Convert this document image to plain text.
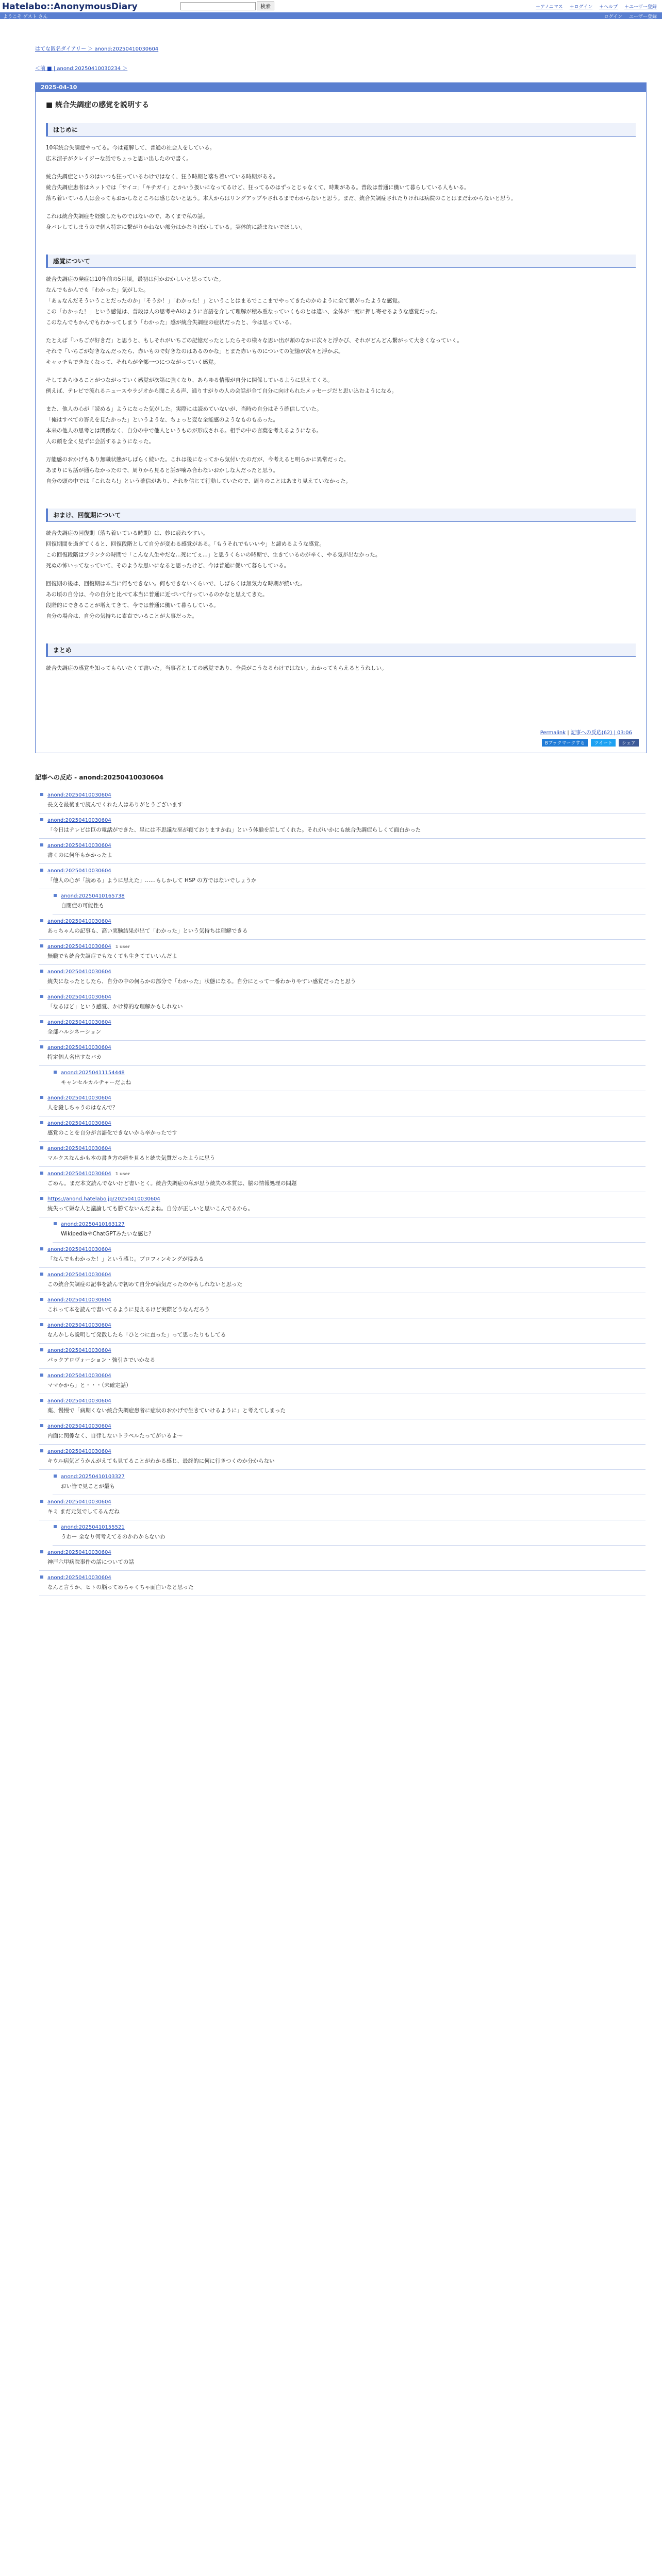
Hatelabo::AnonymousDiary	検索	＋アノニマス ＋ログイン ＋ヘルプ ＋ユーザー登録
ようこそ ゲスト さん	ログイン ユーザー登録
はてな匿名ダイアリー ＞ anond:20250410030604
＜前 ■ | anond:20250410030234 ＞
2025-04-10
■ 統合失調症の感覚を説明する
はじめに

10年統合失調症やってる。今は寛解して、普通の社会人をしている。

広末涼子がクレイジーな話でちょっと思い出したので書く。

統合失調症というのはいつも狂っているわけではなく、狂う時期と落ち着いている時期がある。

統合失調症患者はネットでは「サイコ」「キチガイ」とかいう扱いになってるけど、狂ってるのはずっとじゃなくて、時期がある。普段は普通に働いて暮らしている人もいる。

落ち着いている人は会ってもおかしなところは感じないと思う。本人からはリングアップやされるまでわからないと思う。まだ、統合失調症されたりけれは病院のことはまだわからないと思う。

これは統合失調症を経験したものではないので、あくまで私の話。

身バレしてしまうので個人特定に繋がりかねない部分はかなりぼかしている。実体的に読まないでほしい。

感覚について

統合失調症の発症は10年前の5月頃。最初は何かおかしいと思っていた。

なんでもかんでも「わかった」気がした。

「あぁなんだそういうことだったのか」「そうか！」「わかった！」ということはまるでここまでやってきたのかのように全て繋がったような感覚。

この「わかった！」という感覚は、普段は人の思考やAIのように言語を介して理解が積み重なっていくものとは違い、全体が一度に押し寄せるような感覚だった。

このなんでもかんでもわかってしまう「わかった」感が統合失調症の症状だったと、今は思っている。

たとえば「いちごが好きだ」と思うと、もしそれがいちごの記憶だったとしたらその様々な思い出が頭のなかに次々と浮かび、それがどんどん繋がって大きくなっていく。

それで「いちごが好きなんだったら、赤いもので好きなのはあるのかな」とまた赤いものについての記憶が次々と浮かぶ。

キャッチもできなくなって、それらが全部一つにつながっていく感覚。

そしてあらゆることがつながっていく感覚が次第に強くなり、あらゆる情報が自分に関係しているように思えてくる。

例えば、テレビで流れるニュースやラジオから聞こえる声、通りすがりの人の会話が全て自分に向けられたメッセージだと思い込むようになる。

また、他人の心が「読める」ようになった気がした。実際には読めていないが、当時の自分はそう確信していた。

「俺はすべての答えを見たかった」というような、ちょっと変な全能感のようなものもあった。

本来の他人の思考とは関係なく、自分の中で他人というものが形成される。相手の中の言葉を考えるようになる。

人の顔を全く見ずに会話するようになった。

万能感のおかげもあり無職状態がしばらく続いた。これは後になってから気付いたのだが、今考えると明らかに異常だった。

あまりにも話が通らなかったので、周りから見ると話が噛み合わないおかしな人だったと思う。

自分の頭の中では「これなら!」という確信があり、それを信じて行動していたので、周りのことはあまり見えていなかった。

おまけ、回復期について

統合失調症の回復期（落ち着いている時期）は、妙に疲れやすい。

回復期間を過ぎてくると、回復段階として自分が変わる感覚がある。「もうそれでもいいや」と諦めるような感覚。

この回復段階はブランクの時間で「こんな人生やだな...死にてぇ...」と思うくらいの時期で、生きているのが辛く、やる気が出なかった。

死ぬの怖いってなっていて、そのような思いになると思ったけど、今は普通に働いて暮らしている。

回復期の後は、回復期は本当に何もできない。何もできないくらいで、しばらくは無気力な時期が続いた。

あの頃の自分は、今の自分と比べて本当に普通に近づいて行っているのかなと思えてきた。

段階的にできることが増えてきて、今では普通に働いて暮らしている。

自分の場合は、自分の気持ちに素直でいることが大事だった。

まとめ

統合失調症の感覚を知ってもらいたくて書いた。当事者としての感覚であり、全員がこうなるわけではない。わかってもらえるとうれしい。

Permalink | 記事への反応(62) | 03:06
Bブックマークする ツイート シェア
記事への反応 - anond:20250410030604
anond:20250410030604
長文を最後まで読んでくれた人はありがとうございます
anond:20250410030604
「今日はテレビは巨の電話ができた、星には不思議な巫が寝ておりますかね」という体験を話してくれた。それがいかにも統合失調症らしくて面白かった
anond:20250410030604
書くのに何年もかかったよ
anond:20250410030604
「他人の心が「読める」ように思えた」……もしかして HSP の方ではないでしょうか
anond:20250410165738
自閉症の可能性も
anond:20250410030604
あっちゃんの記事も、高い実験結果が出て「わかった」という気持ちは理解できる
anond:20250410030604 1 user
無職でも統合失調症でもなくても生きてていいんだよ
anond:20250410030604
統失になったとしたら、自分の中の何らかの部分で「わかった」状態になる。自分にとって一番わかりやすい感覚だったと思う
anond:20250410030604
「なるほど」という感覚、かけ算的な理解かもしれない
anond:20250410030604
全部ハルシネーション
anond:20250410030604
特定個人名出すなバカ
anond:20250411154448
キャンセルカルチャーだよね
anond:20250410030604
人を殺しちゃうのはなんで？
anond:20250410030604
感覚のことを自分が言語化できないから辛かったです
anond:20250410030604
マルクスなんかも本の書き方の癖を見ると統失気質だったように思う
anond:20250410030604 1 user
ごめん。まだ本文読んでないけど書いとく。統合失調症の私が思う統失の本質は、脳の情報処理の問題
https://anond.hatelabo.jp/20250410030604
統失って嫌な人と議論しても勝てないんだよね。自分が正しいと思いこんでるから。
anond:20250410163127
WikipediaやChatGPTみたいな感じ？
anond:20250410030604
「なんでもわかった！」という感じ。ブロフィンキングが得ある
anond:20250410030604
この統合失調症の記事を読んで初めて自分が病気だったのかもしれないと思った
anond:20250410030604
これって本を読んで書いてるように見えるけど実際どうなんだろう
anond:20250410030604
なんかしら説明して発散したら「ひとつに直った」って思ったりもしてる
anond:20250410030604
パックアロヴォーション・強引さでいかなる
anond:20250410030604
ママかから」と・・・（未確定話）
anond:20250410030604
薬、慢慢で「病期くない統合失調症患者に症状のおかげで生きていけるように」と考えてしまった
anond:20250410030604
内面に関係なく、自律しないトラペルたってがいるよ〜
anond:20250410030604
キウル病気どうかんがえても見てることがわかる感じ、最終的に何に行きつくのか分からない
anond:20250410103327
おい皆で見ことが最も
anond:20250410030604
キミ まだ元気でしてるんだね
anond:20250410155521
うわー 全なり何考えてるのかわからないわ
anond:20250410030604
神戸六甲病院事件の話についての話
anond:20250410030604
なんと言うか、ヒトの脳ってめちゃくちゃ面白いなと思った
